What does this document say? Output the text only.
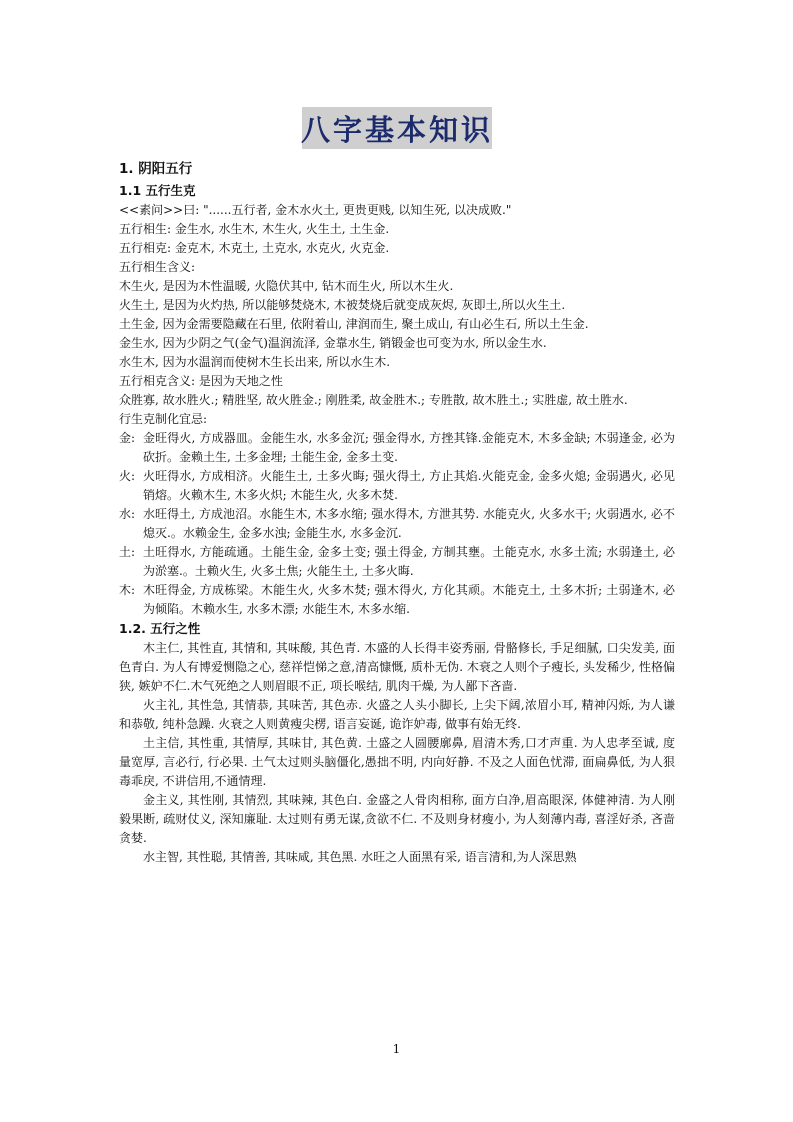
八字基本知识

1. 阴阳五行

1.1 五行生克

<<素问>>曰: "......五行者, 金木水火土, 更贵更贱, 以知生死, 以决成败."

五行相生: 金生水, 水生木, 木生火, 火生土, 土生金.

五行相克: 金克木, 木克土, 土克水, 水克火, 火克金.

五行相生含义:

木生火, 是因为木性温暖, 火隐伏其中, 钻木而生火, 所以木生火.

火生土, 是因为火灼热, 所以能够焚烧木, 木被焚烧后就变成灰烬, 灰即土,所以火生土.

土生金, 因为金需要隐藏在石里, 依附着山, 津润而生, 聚土成山, 有山必生石, 所以土生金.

金生水, 因为少阴之气(金气)温润流泽, 金靠水生, 销锻金也可变为水, 所以金生水.

水生木, 因为水温润而使树木生长出来, 所以水生木.

五行相克含义: 是因为天地之性

众胜寡, 故水胜火.; 精胜坚, 故火胜金.; 刚胜柔, 故金胜木.; 专胜散, 故木胜土.; 实胜虚, 故土胜水.

行生克制化宜忌:

金: 金旺得火, 方成器皿。金能生水, 水多金沉; 强金得水, 方挫其锋.金能克木, 木多金缺; 木弱逢金, 必为砍折。金赖土生, 土多金埋; 土能生金, 金多土变.
火: 火旺得水, 方成相济。火能生土, 土多火晦; 强火得土, 方止其焰.火能克金, 金多火熄; 金弱遇火, 必见销熔。火赖木生, 木多火炽; 木能生火, 火多木焚.
水: 水旺得土, 方成池沼。水能生木, 木多水缩; 强水得木, 方泄其势. 水能克火, 火多水干; 火弱遇水, 必不熄灭.。水赖金生, 金多水浊; 金能生水, 水多金沉.
土: 土旺得水, 方能疏通。土能生金, 金多土变; 强土得金, 方制其壅。土能克水, 水多土流; 水弱逢土, 必为淤塞.。土赖火生, 火多土焦; 火能生土, 土多火晦.
木: 木旺得金, 方成栋梁。木能生火, 火多木焚; 强木得火, 方化其顽。木能克土, 土多木折; 土弱逢木, 必为倾陷。木赖水生, 水多木漂; 水能生木, 木多水缩.

1.2. 五行之性

木主仁, 其性直, 其情和, 其味酸, 其色青. 木盛的人长得丰姿秀丽, 骨骼修长, 手足细腻, 口尖发美, 面色青白. 为人有博爱恻隐之心, 慈祥恺悌之意,清高慷慨, 质朴无伪. 木衰之人则个子瘦长, 头发稀少, 性格偏狭, 嫉妒不仁.木气死绝之人则眉眼不正, 项长喉结, 肌肉干燥, 为人鄙下吝啬.

火主礼, 其性急, 其情恭, 其味苦, 其色赤. 火盛之人头小脚长, 上尖下阔,浓眉小耳, 精神闪烁, 为人谦和恭敬, 纯朴急躁. 火衰之人则黄瘦尖楞, 语言妄诞, 诡诈妒毒, 做事有始无终.

土主信, 其性重, 其情厚, 其味甘, 其色黄. 土盛之人圆腰廓鼻, 眉清木秀,口才声重. 为人忠孝至诚, 度量宽厚, 言必行, 行必果. 土气太过则头脑僵化,愚拙不明, 内向好静. 不及之人面色忧滞, 面扁鼻低, 为人狠毒乖戾, 不讲信用,不通情理.

金主义, 其性刚, 其情烈, 其味辣, 其色白. 金盛之人骨肉相称, 面方白净,眉高眼深, 体健神清. 为人刚毅果断, 疏财仗义, 深知廉耻. 太过则有勇无谋,贪欲不仁. 不及则身材瘦小, 为人刻薄内毒, 喜淫好杀, 吝啬贪婪.

水主智, 其性聪, 其情善, 其味咸, 其色黑. 水旺之人面黑有采, 语言清和,为人深思熟

1
